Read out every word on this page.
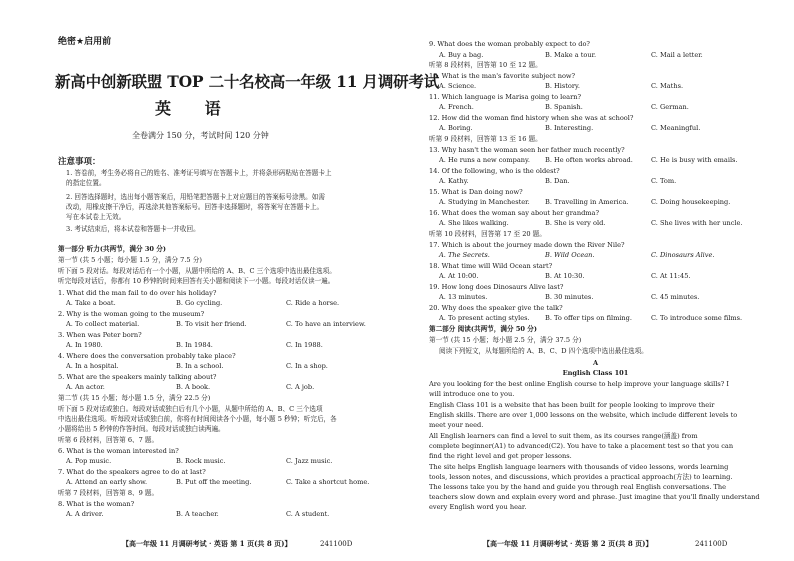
绝密★启用前
新高中创新联盟 TOP 二十名校高一年级 11 月调研考试
英 语
全卷满分 150 分，考试时间 120 分钟
注意事项：
1. 答卷前，考生务必将自己的姓名、准考证号填写在答题卡上，并将条形码粘贴在答题卡上
的指定位置。
2. 回答选择题时，选出每小题答案后，用铅笔把答题卡上对应题目的答案标号涂黑。如需
改动，用橡皮擦干净后，再选涂其他答案标号。回答非选择题时，将答案写在答题卡上。
写在本试卷上无效。
3. 考试结束后，将本试卷和答题卡一并收回。
第一部分 听力(共两节，满分 30 分)
第一节 (共 5 小题；每小题 1.5 分，满分 7.5 分)
听下面 5 段对话。每段对话后有一个小题，从题中所给的 A、B、C 三个选项中选出最佳选项。
听完每段对话后，你都有 10 秒钟的时间来回答有关小题和阅读下一小题。每段对话仅读一遍。
1. What did the man fail to do over his holiday?
A. Take a boat.	B. Go cycling.	C. Ride a horse.
2. Why is the woman going to the museum?
A. To collect material.	B. To visit her friend.	C. To have an interview.
3. When was Peter born?
A. In 1980.	B. In 1984.	C. In 1988.
4. Where does the conversation probably take place?
A. In a hospital.	B. In a school.	C. In a shop.
5. What are the speakers mainly talking about?
A. An actor.	B. A book.	C. A job.
第二节 (共 15 小题；每小题 1.5 分，满分 22.5 分)
听下面 5 段对话或独白。每段对话或独白后有几个小题，从题中所给的 A、B、C 三个选项
中选出最佳选项。听每段对话或独白前，你将有时间阅读各个小题，每小题 5 秒钟；听完后，各
小题将给出 5 秒钟的作答时间。每段对话或独白读两遍。
听第 6 段材料，回答第 6、7 题。
6. What is the woman interested in?
A. Pop music.	B. Rock music.	C. Jazz music.
7. What do the speakers agree to do at last?
A. Attend an early show.	B. Put off the meeting.	C. Take a shortcut home.
听第 7 段材料，回答第 8、9 题。
8. What is the woman?
A. A driver.	B. A teacher.	C. A student.
【高一年级 11 月调研考试 · 英语 第 1 页(共 8 页)】	241100D
9. What does the woman probably expect to do?
A. Buy a bag.	B. Make a tour.	C. Mail a letter.
听第 8 段材料，回答第 10 至 12 题。
10. What is the man's favorite subject now?
A. Science.	B. History.	C. Maths.
11. Which language is Marisa going to learn?
A. French.	B. Spanish.	C. German.
12. How did the woman find history when she was at school?
A. Boring.	B. Interesting.	C. Meaningful.
听第 9 段材料，回答第 13 至 16 题。
13. Why hasn't the woman seen her father much recently?
A. He runs a new company. B. He often works abroad.	C. He is busy with emails.
14. Of the following, who is the oldest?
A. Kathy.	B. Dan.	C. Tom.
15. What is Dan doing now?
A. Studying in Manchester. B. Travelling in America.	C. Doing housekeeping.
16. What does the woman say about her grandma?
A. She likes walking.	B. She is very old.	C. She lives with her uncle.
听第 10 段材料，回答第 17 至 20 题。
17. Which is about the journey made down the River Nile?
A. The Secrets.	B. Wild Ocean.	C. Dinosaurs Alive.
18. What time will Wild Ocean start?
A. At 10:00.	B. At 10:30.	C. At 11:45.
19. How long does Dinosaurs Alive last?
A. 13 minutes.	B. 30 minutes.	C. 45 minutes.
20. Why does the speaker give the talk?
A. To present acting styles. B. To offer tips on filming.	C. To introduce some films.
第二部分 阅读(共两节，满分 50 分)
第一节 (共 15 小题；每小题 2.5 分，满分 37.5 分)
阅读下列短文，从每题所给的 A、B、C、D 四个选项中选出最佳选项。
A
English Class 101
Are you looking for the best online English course to help improve your language skills? I
will introduce one to you.
English Class 101 is a website that has been built for people looking to improve their
English skills. There are over 1,000 lessons on the website, which include different levels to
meet your need.
All English learners can find a level to suit them, as its courses range(涵盖) from
complete beginner(A1) to advanced(C2). You have to take a placement test so that you can
find the right level and get proper lessons.
The site helps English language learners with thousands of video lessons, words learning
tools, lesson notes, and discussions, which provides a practical approach(方法) to learning.
The lessons take you by the hand and guide you through real English conversations. The
teachers slow down and explain every word and phrase. Just imagine that you'll finally understand
every English word you hear.
【高一年级 11 月调研考试 · 英语 第 2 页(共 8 页)】	241100D
